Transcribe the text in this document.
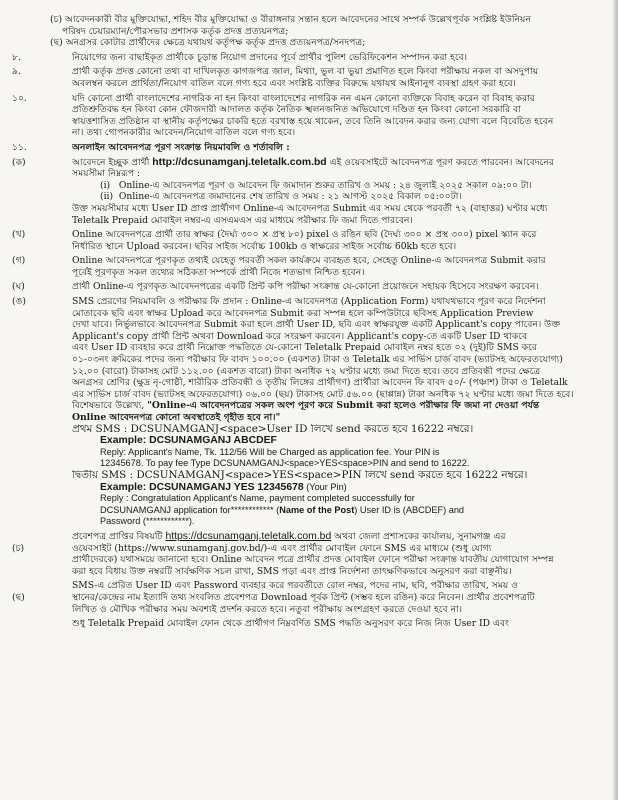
(চ) আবেদনকারী বীর মুক্তিযোদ্ধা, শহিদ বীর মুক্তিযোদ্ধা ও বীরাঙ্গনার সন্তান হলে আবেদনের সাথে সম্পর্ক উল্লেখপূর্বক সংশ্লিষ্ট ইউনিয়ন
পরিষদ চেয়ারম্যান/পৌরসভার প্রশাসক কর্তৃক প্রদত্ত প্রত্যয়নপত্র;
(ছ) অনগ্রসর কোটার প্রার্থীদের ক্ষেত্রে যথাযথ কর্তৃপক্ষ কর্তৃক প্রদত্ত প্রত্যয়নপত্র/সনদপত্র;
৮.	নিয়োগের জন্য বাছাইকৃত প্রার্থীকে চূড়ান্ত নিয়োগ প্রদানের পূর্বে প্রার্থীর পুলিশ ভেরিফিকেশন সম্পাদন করা হবে।
৯.	প্রার্থী কর্তৃক প্রদত্ত কোনো তথ্য বা দাখিলকৃত কাগজপত্র জাল, মিথ্যা, ভুল বা ভুয়া প্রমাণিত হলে কিংবা পরীক্ষায় নকল বা অসদুপায়
অবলম্বন করলে প্রার্থিতা/নিয়োগ বাতিল বলে গণ্য হবে এবং সংশ্লিষ্ট ব্যক্তির বিরুদ্ধে যথাযথ আইনানুগ ব্যবস্থা গ্রহণ করা হবে।
১০.	যদি কোনো প্রার্থী বাংলাদেশের নাগরিক না হন কিংবা বাংলাদেশের নাগরিক নন এমন কোনো ব্যক্তিকে বিবাহ করেন বা বিবাহ করার
প্রতিশ্রুতিবদ্ধ হন কিংবা কোন ফৌজদারী আদালত কর্তৃক নৈতিক স্খলনজনিত অভিযোগে দণ্ডিত হন কিংবা কোনো সরকারি বা
স্বায়ত্তশাসিত প্রতিষ্ঠান বা স্থানীয় কর্তৃপক্ষের চাকরি হতে বরখাস্ত হয়ে থাকেন, তবে তিনি আবেদন করার জন্য যোগ্য বলে বিবেচিত হবেন
না। তথ্য গোপনকারীর আবেদন/নিয়োগ বাতিল বলে গণ্য হবে।
১১.	অনলাইন আবেদনপত্র পূরণ সংক্রান্ত নিয়মাবলি ও শর্তাবলি :
(ক)	আবেদনে ইচ্ছুক প্রার্থী http://dcsunamganj.teletalk.com.bd এই ওয়েবসাইটে আবেদনপত্র পূরণ করতে পারবেন। আবেদনের
সময়সীমা নিম্নরূপ :
(i) Online-এ আবেদনপত্র পূরণ ও আবেদন ফি জমাদান শুরুর তারিখ ও সময় : ২৪ জুলাই ২০২৫ সকাল ০৯:০০ টা।
(ii) Online-এ আবেদনপত্র জমাদানের শেষ তারিখ ও সময় : ২১ আগস্ট ২০২৫ বিকাল ০৫:০০টা।
উক্ত সময়সীমার মধ্যে User ID প্রাপ্ত প্রার্থীগণ Online-এ আবেদনপত্র Submit এর সময় থেকে পরবর্তী ৭২ (বাহাত্তর) ঘণ্টার মধ্যে
Teletalk Prepaid মোবাইল নম্বর-এ এসএমএস এর মাধ্যমে পরীক্ষার ফি জমা দিতে পারবেন।
(খ)	Online আবেদনপত্রে প্রার্থী তার স্বাক্ষর (দৈর্ঘ্য ৩০০ × প্রস্থ ৮০) pixel ও রঙিন ছবি (দৈর্ঘ্য ৩০০ × প্রস্থ ৩০০) pixel স্ক্যান করে
নির্ধারিত স্থানে Upload করবেন। ছবির সাইজ সর্বোচ্চ 100kb ও স্বাক্ষরের সাইজ সর্বোচ্চ 60kb হতে হবে।
(গ)	Online আবেদনপত্রে পূরণকৃত তথ্যই যেহেতু পরবর্তী সকল কার্যক্রমে ব্যবহৃত হবে, সেহেতু Online-এ আবেদনপত্র Submit করার
পূর্বেই পূরণকৃত সকল তথ্যের সঠিকতা সম্পর্কে প্রার্থী নিজে শতভাগ নিশ্চিত হবেন।
(ঘ)	প্রার্থী Online-এ পূরণকৃত আবেদনপত্রের একটি প্রিন্ট কপি পরীক্ষা সংক্রান্ত যে-কোনো প্রয়োজনে সহায়ক হিসেবে সংরক্ষণ করবেন।
(ঙ)	SMS প্রেরণের নিয়মাবলি ও পরীক্ষার ফি প্রদান : Online-এ আবেদনপত্র (Application Form) যথাযথভাবে পূরণ করে নির্দেশনা
মোতাবেক ছবি এবং স্বাক্ষর Upload করে আবেদনপত্র Submit করা সম্পন্ন হলে কম্পিউটারে ছবিসহ Application Preview
দেখা যাবে। নির্ভুলভাবে আবেদনপত্র Submit করা হলে প্রার্থী User ID, ছবি এবং স্বাক্ষরযুক্ত একটি Applicant's copy পাবেন। উক্ত
Applicant's copy প্রার্থী প্রিন্ট অথবা Download করে সংরক্ষণ করবেন। Applicant's copy-তে একটি User ID থাকবে
এবং User ID ব্যবহার করে প্রার্থী নিম্নোক্ত পদ্ধতিতে যে-কোনো Teletalk Prepaid মোবাইল নম্বর হতে ০২ (দুই)টি SMS করে
০১-০৩নং ক্রমিকের পদের জন্য পরীক্ষার ফি বাবদ ১০০.০০ (একশত) টাকা ও Teletalk এর সার্ভিস চার্জ বাবদ (ভ্যাটসহ অফেরতযোগ্য)
১২.০০ (বারো) টাকাসহ মোট ১১২.০০ (একশত বারো) টাকা অনধিক ৭২ ঘণ্টার মধ্যে জমা দিতে হবে। তবে প্রতিবন্ধী পদের ক্ষেত্রে
অনগ্রসর শ্রেণির (ক্ষুদ্র নৃ-গোষ্ঠী, শারীরিক প্রতিবন্ধী ও তৃতীয় লিঙ্গের প্রার্থীগণ) প্রার্থীরা আবেদন ফি বাবদ ৫০/- (পঞ্চাশ) টাকা ও Teletalk
এর সার্ভিস চার্জ বাবদ (ভ্যাটসহ অফেরতযোগ্য) ০৬.০০ (ছয়) টাকাসহ মোট ৫৬.০০ (ছাপ্পান্ন) টাকা অনধিক ৭২ ঘণ্টার মধ্যে জমা দিতে হবে।
বিশেষভাবে উল্লেখ্য, "Online-এ আবেদনপত্রের সকল অংশ পূরণ করে Submit করা হলেও পরীক্ষার ফি জমা না দেওয়া পর্যন্ত
Online আবেদনপত্র কোনো অবস্থাতেই গৃহীত হবে না।"
প্রথম SMS : DCSUNAMGANJ<space>User ID লিখে send করতে হবে 16222 নম্বরে।
Example: DCSUNAMGANJ ABCDEF
Reply: Applicant's Name, Tk. 112/56 Will be Charged as application fee. Your PIN is
12345678. To pay fee Type DCSUNAMGANJ<space>YES<space>PIN and send to 16222.
দ্বিতীয় SMS : DCSUNAMGANJ<space>YES<space>PIN লিখে send করতে হবে 16222 নম্বরে।
Example: DCSUNAMGANJ YES 12345678 (Your Pin)
Reply : Congratulation Applicant's Name, payment completed successfully for
DCSUNAMGANJ application for************ (Name of the Post) User ID is (ABCDEF) and
Password (************).
প্রবেশপত্র প্রাপ্তির বিষয়টি https://dcsunamganj.teletalk.com.bd অথবা জেলা প্রশাসকের কার্যালয়, সুনামগঞ্জ এর
(চ)	ওয়েবসাইট (https://www.sunamganj.gov.bd/)-এ এবং প্রার্থীর মোবাইল ফোনে SMS এর মাধ্যমে (শুধু যোগ্য
প্রার্থীদেরকে) যথাসময়ে জানানো হবে। Online আবেদন পত্রে প্রার্থীর প্রদত্ত মোবাইল ফোনে পরীক্ষা সংক্রান্ত যাবতীয় যোগাযোগ সম্পন্ন
করা হবে বিধায় উক্ত নম্বরটি সার্বক্ষণিক সচল রাখা, SMS পড়া এবং প্রাপ্ত নির্দেশনা তাৎক্ষণিকভাবে অনুসরণ করা বাঞ্ছনীয়।
SMS-এ প্রেরিত User ID এবং Password ব্যবহার করে পরবর্তীতে রোল নম্বর, পদের নাম, ছবি, পরীক্ষার তারিখ, সময় ও
(ছ)	স্থানের/কেন্দ্রের নাম ইত্যাদি তথ্য সংবলিত প্রবেশপত্র Download পূর্বক প্রিন্ট (সম্ভব হলে রঙিন) করে নিবেন। প্রার্থীর প্রবেশপত্রটি
লিখিত ও মৌখিক পরীক্ষার সময় অবশ্যই প্রদর্শন করতে হবে। নতুবা পরীক্ষায় অংশগ্রহণ করতে দেওয়া হবে না।
শুধু Teletalk Prepaid মোবাইল ফোন থেকে প্রার্থীগণ নিম্নবর্ণিত SMS পদ্ধতি অনুসরণ করে নিজ নিজ User ID এবং
